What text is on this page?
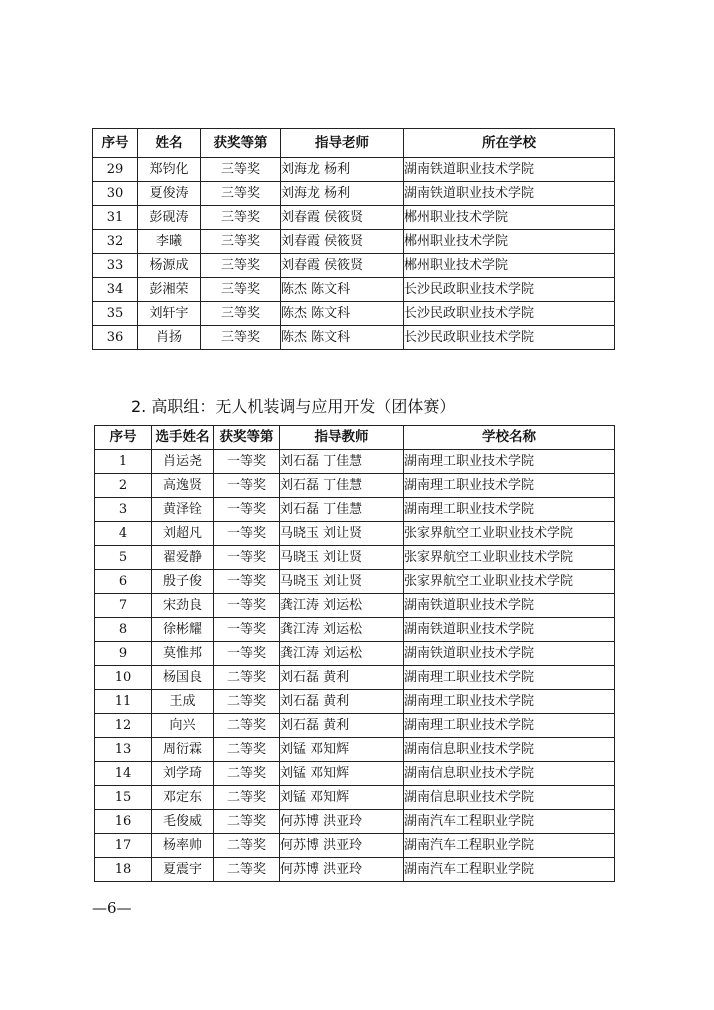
序号	姓名	获奖等第	指导老师	所在学校
29	郑钧化	三等奖	刘海龙 杨利	湖南铁道职业技术学院
30	夏俊涛	三等奖	刘海龙 杨利	湖南铁道职业技术学院
31	彭砚涛	三等奖	刘春霞 侯筱贤	郴州职业技术学院
32	李曦	三等奖	刘春霞 侯筱贤	郴州职业技术学院
33	杨源成	三等奖	刘春霞 侯筱贤	郴州职业技术学院
34	彭湘荣	三等奖	陈杰 陈文科	长沙民政职业技术学院
35	刘轩宇	三等奖	陈杰 陈文科	长沙民政职业技术学院
36	肖扬	三等奖	陈杰 陈文科	长沙民政职业技术学院
2. 高职组：无人机装调与应用开发（团体赛）
序号	选手姓名	获奖等第	指导教师	学校名称
1	肖运尧	一等奖	刘石磊 丁佳慧	湖南理工职业技术学院
2	高逸贤	一等奖	刘石磊 丁佳慧	湖南理工职业技术学院
3	黄泽铨	一等奖	刘石磊 丁佳慧	湖南理工职业技术学院
4	刘超凡	一等奖	马晓玉 刘让贤	张家界航空工业职业技术学院
5	翟爱静	一等奖	马晓玉 刘让贤	张家界航空工业职业技术学院
6	殷子俊	一等奖	马晓玉 刘让贤	张家界航空工业职业技术学院
7	宋劲良	一等奖	龚江涛 刘运松	湖南铁道职业技术学院
8	徐彬耀	一等奖	龚江涛 刘运松	湖南铁道职业技术学院
9	莫惟邦	一等奖	龚江涛 刘运松	湖南铁道职业技术学院
10	杨国良	二等奖	刘石磊 黄利	湖南理工职业技术学院
11	王成	二等奖	刘石磊 黄利	湖南理工职业技术学院
12	向兴	二等奖	刘石磊 黄利	湖南理工职业技术学院
13	周衍霖	二等奖	刘锰 邓知辉	湖南信息职业技术学院
14	刘学琦	二等奖	刘锰 邓知辉	湖南信息职业技术学院
15	邓定东	二等奖	刘锰 邓知辉	湖南信息职业技术学院
16	毛俊威	二等奖	何苏博 洪亚玲	湖南汽车工程职业学院
17	杨率帅	二等奖	何苏博 洪亚玲	湖南汽车工程职业学院
18	夏震宇	二等奖	何苏博 洪亚玲	湖南汽车工程职业学院
—6—
